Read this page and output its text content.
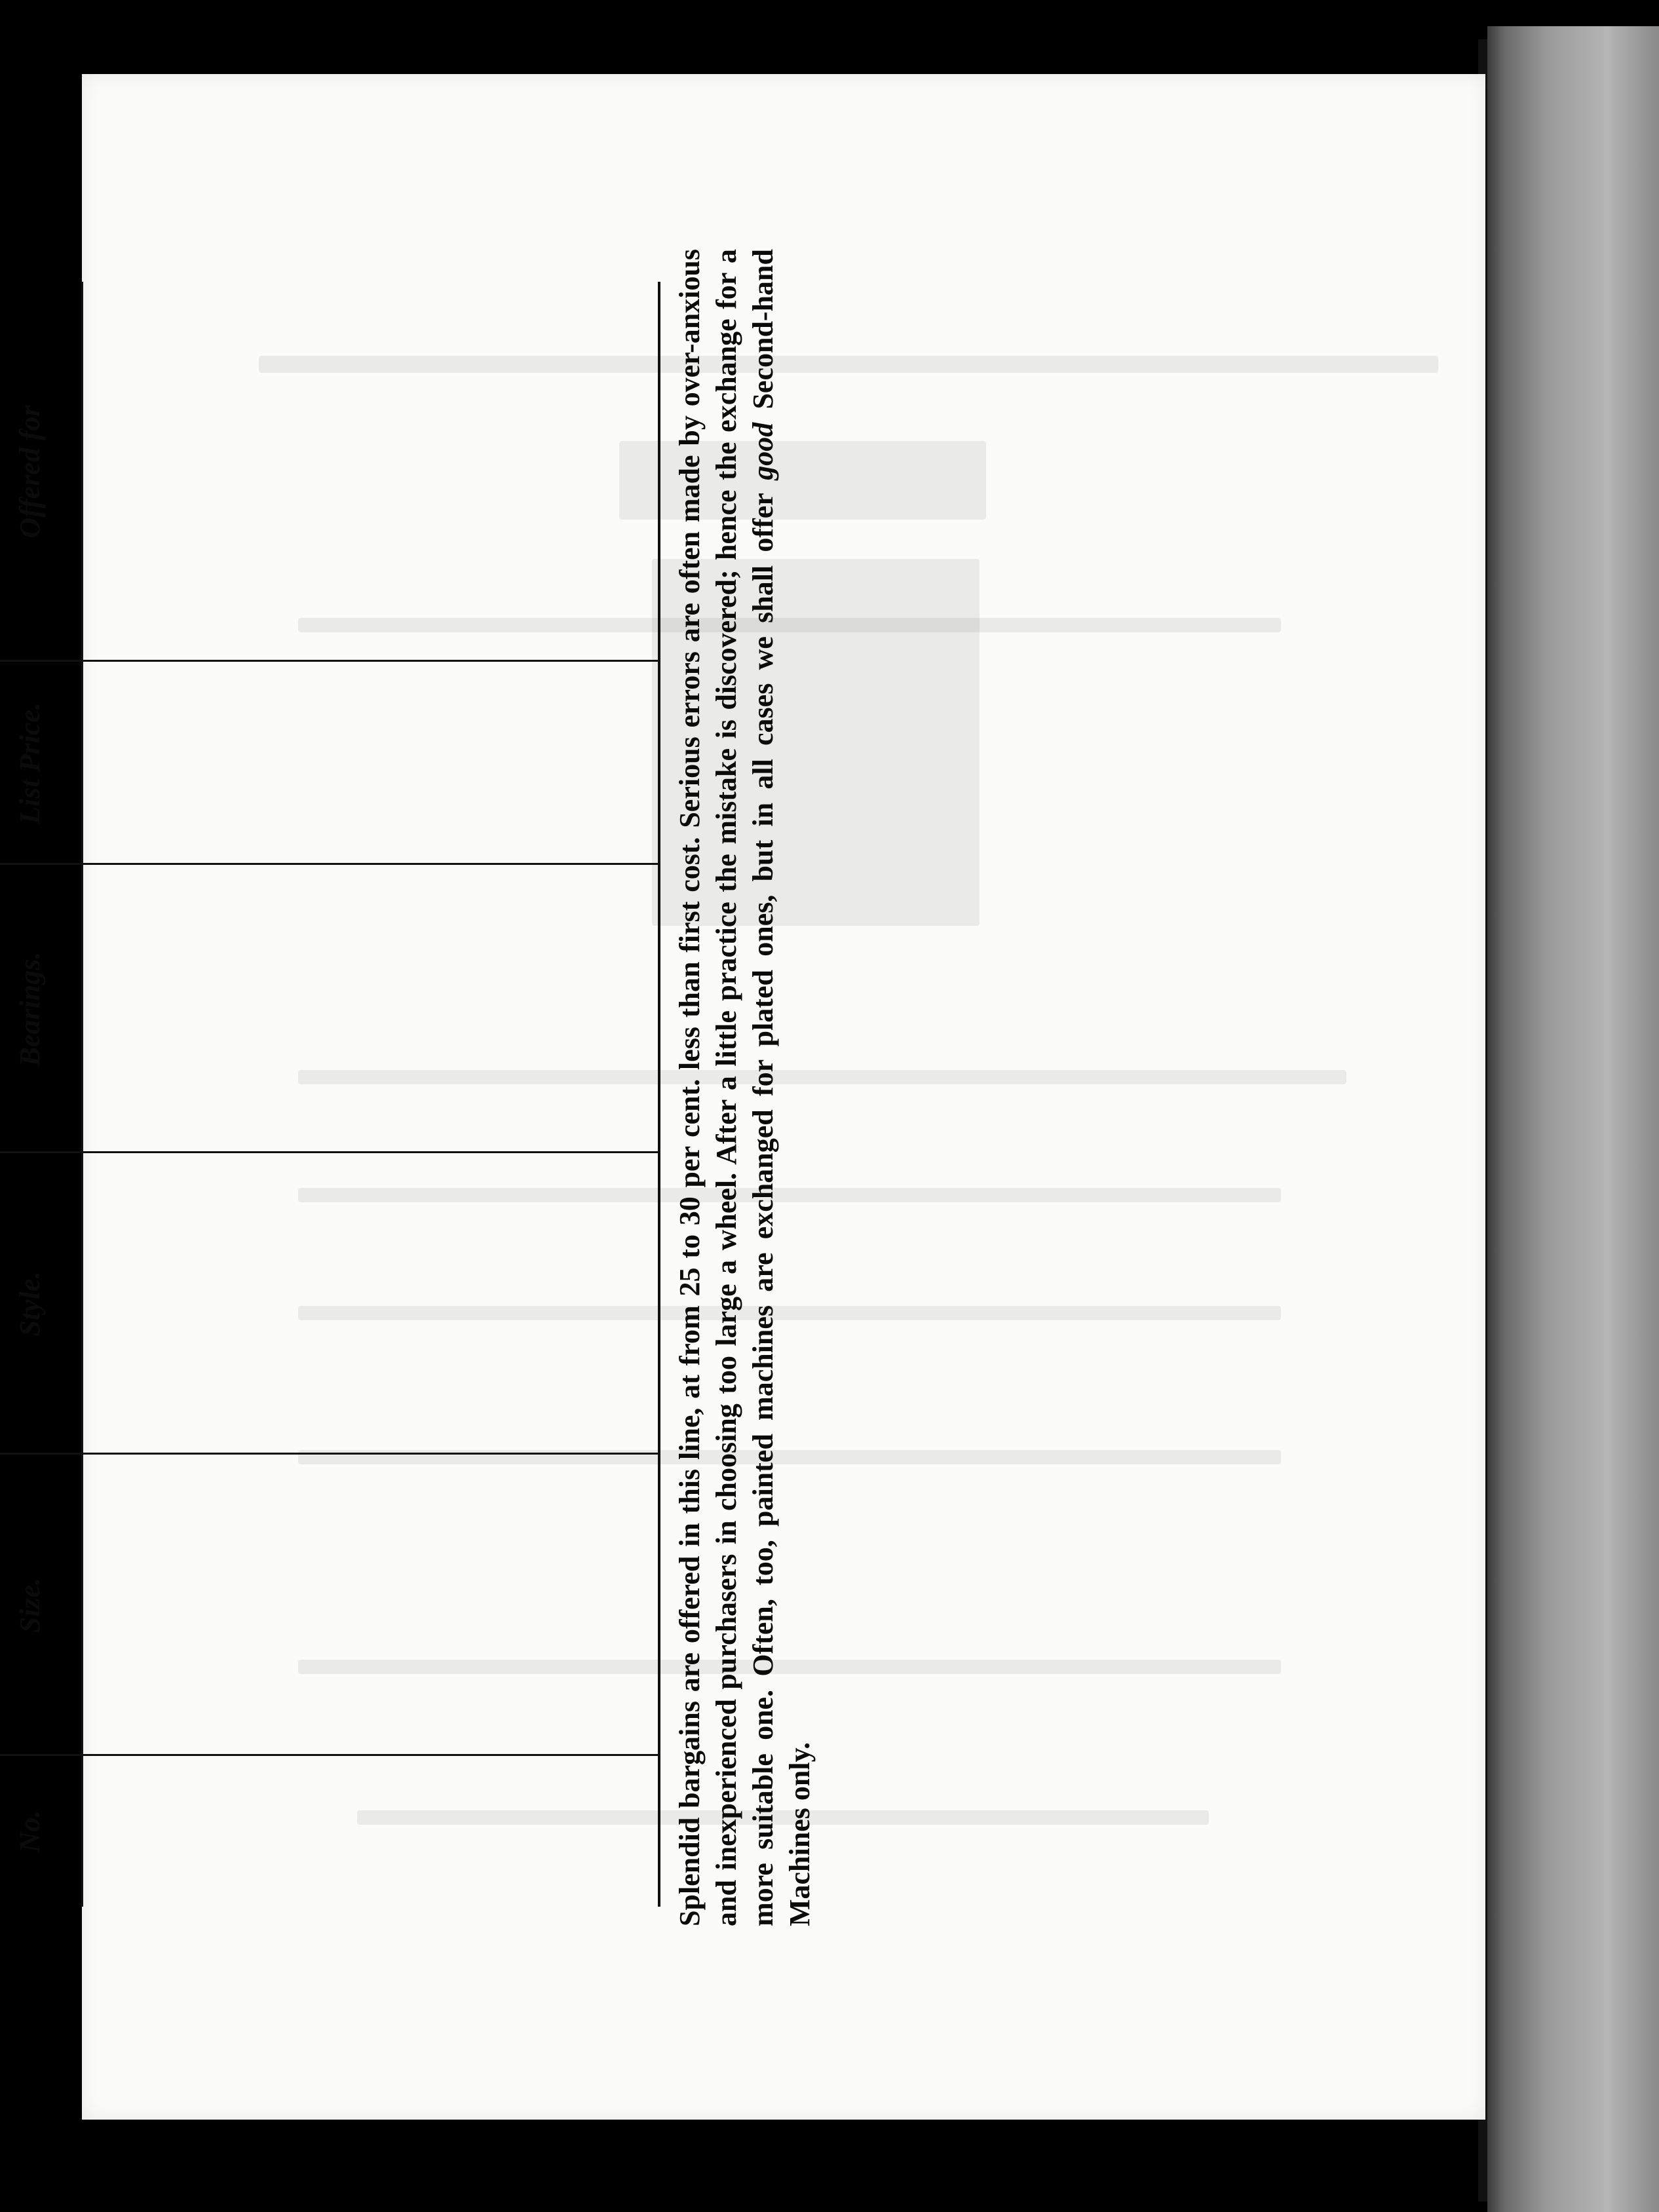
No.
Size.
Style.
Bearings.
List Price.
Offered for	Splendid bargains are offered in this line, at from 25 to 30 per cent. less than first cost. Serious errors are often made by over-anxious and inexperienced purchasers in choosing too large a wheel. After a little practice the mistake is discovered; hence the exchange for a more suitable one. Often, too, painted machines are exchanged for plated ones, but in all cases we shall offer good Second-hand Machines only.
